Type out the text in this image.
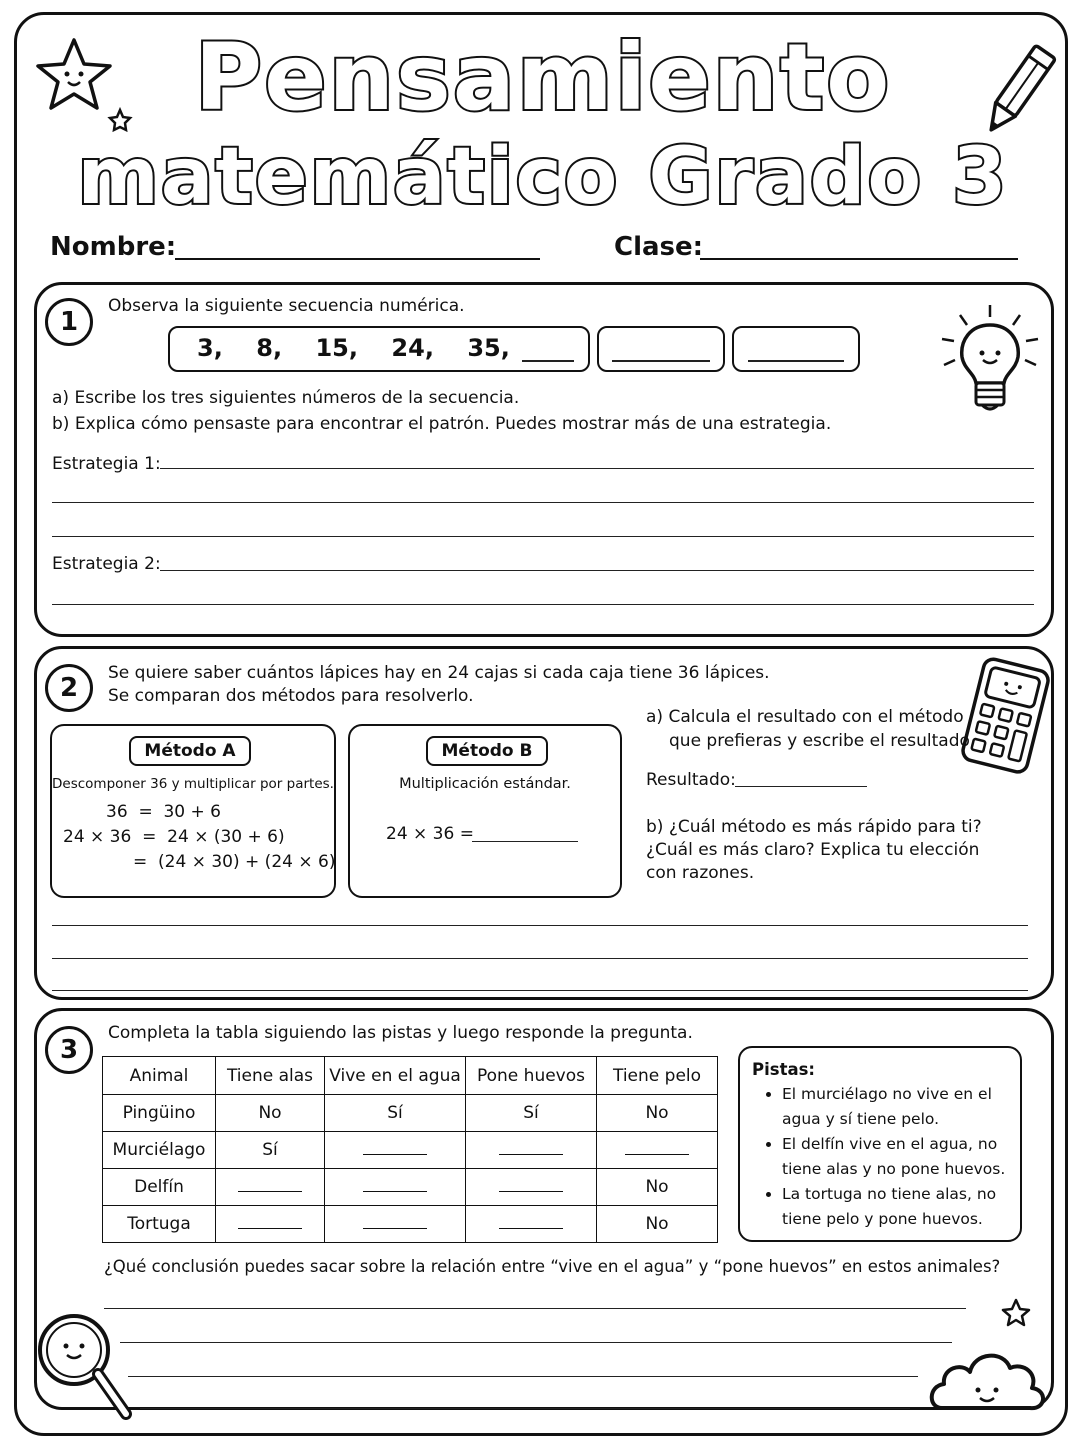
Pensamiento
matemático Grado 3
Nombre:	Clase:
1
Observa la siguiente secuencia numérica.
3,    8,    15,    24,    35,
a) Escribe los tres siguientes números de la secuencia.
b) Explica cómo pensaste para encontrar el patrón. Puedes mostrar más de una estrategia.
Estrategia 1:
Estrategia 2:
2	Se quiere saber cuántos lápices hay en 24 cajas si cada caja tiene 36 lápices.
Se comparan dos métodos para resolverlo.
Método A
Descomponer 36 y multiplicar por partes.
36  =  30 + 6
24 × 36  =  24 × (30 + 6)
=  (24 × 30) + (24 × 6)
Método B
Multiplicación estándar.
24 × 36 =
a) Calcula el resultado con el método
que prefieras y escribe el resultado.
Resultado:
b) ¿Cuál método es más rápido para ti?
¿Cuál es más claro? Explica tu elección
con razones.
3
Completa la tabla siguiendo las pistas y luego responde la pregunta.
Animal	Tiene alas	Vive en el agua	Pone huevos	Tiene pelo
Pingüino	No	Sí	Sí	No
Murciélago	Sí			
Delfín				No
Tortuga				No
Pistas:
• El murciélago no vive en el agua y sí tiene pelo.
• El delfín vive en el agua, no tiene alas y no pone huevos.
• La tortuga no tiene alas, no tiene pelo y pone huevos.
¿Qué conclusión puedes sacar sobre la relación entre “vive en el agua” y “pone huevos” en estos animales?
